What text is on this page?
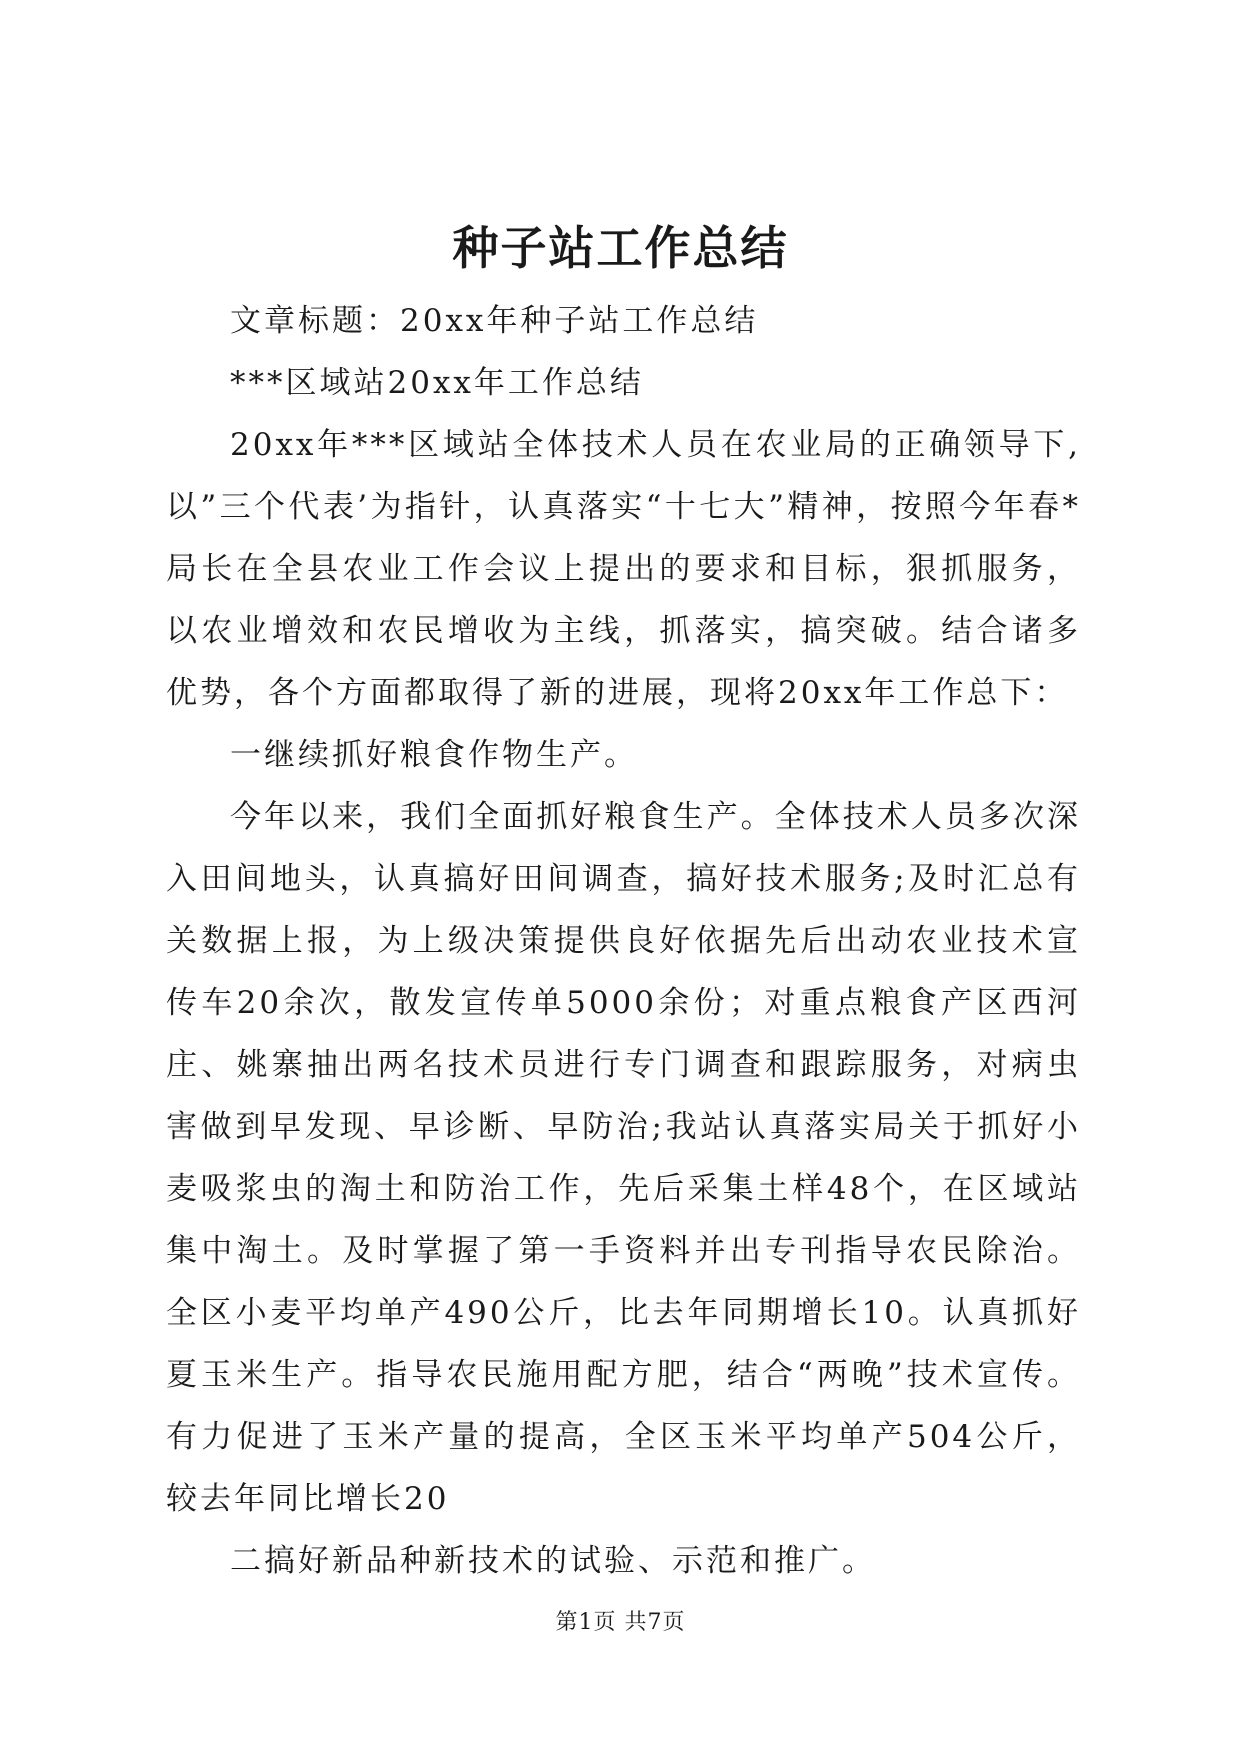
种子站工作总结

文章标题：20xx年种子站工作总结

***区域站20xx年工作总结

20xx年***区域站全体技术人员在农业局的正确领导下,以”三个代表’为指针，认真落实“十七大”精神，按照今年春*局长在全县农业工作会议上提出的要求和目标，狠抓服务，以农业增效和农民增收为主线，抓落实，搞突破。结合诸多优势，各个方面都取得了新的进展，现将20xx年工作总下：

一继续抓好粮食作物生产。

今年以来，我们全面抓好粮食生产。全体技术人员多次深入田间地头，认真搞好田间调查，搞好技术服务;及时汇总有关数据上报，为上级决策提供良好依据先后出动农业技术宣传车20余次，散发宣传单5000余份；对重点粮食产区西河庄、姚寨抽出两名技术员进行专门调查和跟踪服务，对病虫害做到早发现、早诊断、早防治;我站认真落实局关于抓好小麦吸浆虫的淘土和防治工作，先后采集土样48个，在区域站集中淘土。及时掌握了第一手资料并出专刊指导农民除治。全区小麦平均单产490公斤，比去年同期增长10。认真抓好夏玉米生产。指导农民施用配方肥，结合“两晚”技术宣传。有力促进了玉米产量的提高，全区玉米平均单产504公斤，较去年同比增长20

二搞好新品种新技术的试验、示范和推广。

第1页 共7页
